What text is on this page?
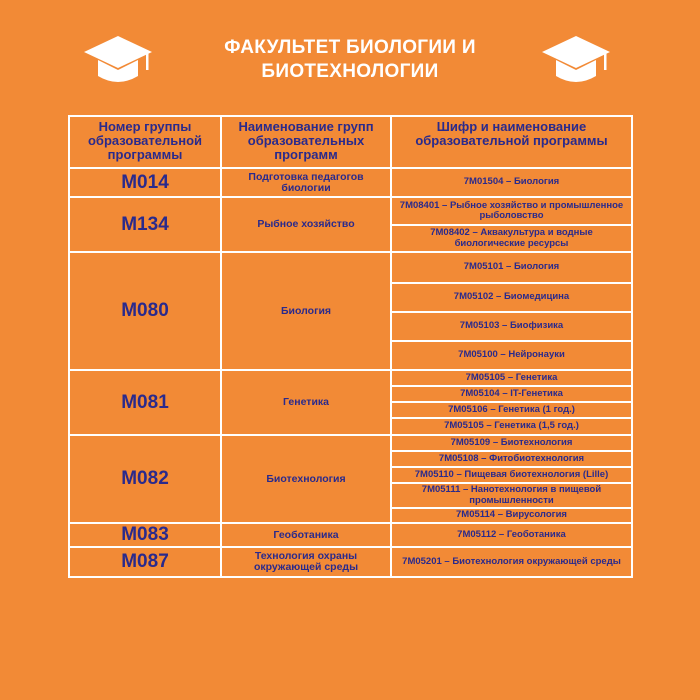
ФАКУЛЬТЕТ БИОЛОГИИ И
БИОТЕХНОЛОГИИ
Номер группы образовательной программы	Наименование групп образовательных программ	Шифр и наименование образовательной программы
M014	Подготовка педагогов биологии	7M01504 – Биология
M134	Рыбное хозяйство	7M08401 – Рыбное хозяйство и промышленное рыболовство
		7M08402 – Аквакультура и водные биологические ресурсы
M080	Биология	7M05101 – Биология
		7M05102 – Биомедицина
		7M05103 – Биофизика
		7M05100 – Нейронауки
M081	Генетика	7M05105 – Генетика
		7M05104 – IT-Генетика
		7M05106 – Генетика (1 год.)
		7M05105 – Генетика (1,5 год.)
M082	Биотехнология	7M05109 – Биотехнология
		7M05108 – Фитобиотехнология
		7M05110 – Пищевая биотехнология (Lille)
		7M05111 – Нанотехнология в пищевой промышленности
		7M05114 – Вирусология
M083	Геоботаника	7M05112 – Геоботаника
M087	Технология охраны окружающей среды	7M05201 – Биотехнология окружающей среды
